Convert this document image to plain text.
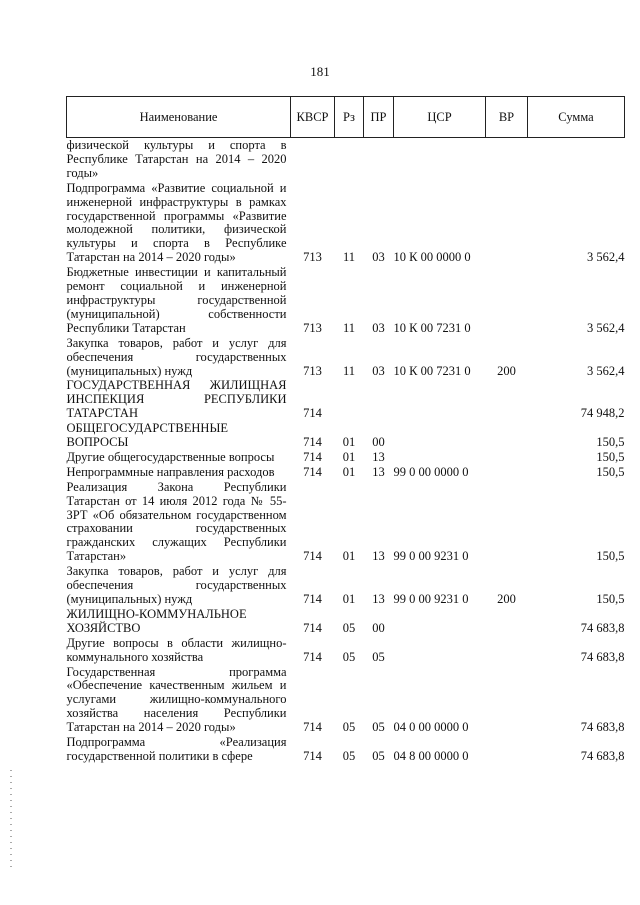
181
Наименование	КВСР	Рз	ПР	ЦСР	ВР	Сумма
физической культуры и спорта в Республике Татарстан на 2014 – 2020 годы»						
Подпрограмма «Развитие социальной и инженерной инфраструктуры в рамках государственной программы «Развитие молодежной политики, физической культуры и спорта в Республике Татарстан на 2014 – 2020 годы»	713	11	03	10 К 00 0000 0		3 562,4
Бюджетные инвестиции и капитальный ремонт социальной и инженерной инфраструктуры государственной (муниципальной) собственности Республики Татарстан	713	11	03	10 К 00 7231 0		3 562,4
Закупка товаров, работ и услуг для обеспечения государственных (муниципальных) нужд	713	11	03	10 К 00 7231 0	200	3 562,4
ГОСУДАРСТВЕННАЯ ЖИЛИЩНАЯ ИНСПЕКЦИЯ РЕСПУБЛИКИ ТАТАРСТАН	714					74 948,2
ОБЩЕГОСУДАРСТВЕННЫЕ ВОПРОСЫ	714	01	00			150,5
Другие общегосударственные вопросы	714	01	13			150,5
Непрограммные направления расходов	714	01	13	99 0 00 0000 0		150,5
Реализация Закона Республики Татарстан от 14 июля 2012 года № 55-ЗРТ «Об обязательном государственном страховании государственных гражданских служащих Республики Татарстан»	714	01	13	99 0 00 9231 0		150,5
Закупка товаров, работ и услуг для обеспечения государственных (муниципальных) нужд	714	01	13	99 0 00 9231 0	200	150,5
ЖИЛИЩНО-КОММУНАЛЬНОЕ ХОЗЯЙСТВО	714	05	00			74 683,8
Другие вопросы в области жилищно-коммунального хозяйства	714	05	05			74 683,8
Государственная программа «Обеспечение качественным жильем и услугами жилищно-коммунального хозяйства населения Республики Татарстан на 2014 – 2020 годы»	714	05	05	04 0 00 0000 0		74 683,8
Подпрограмма «Реализация государственной политики в сфере	714	05	05	04 8 00 0000 0		74 683,8
